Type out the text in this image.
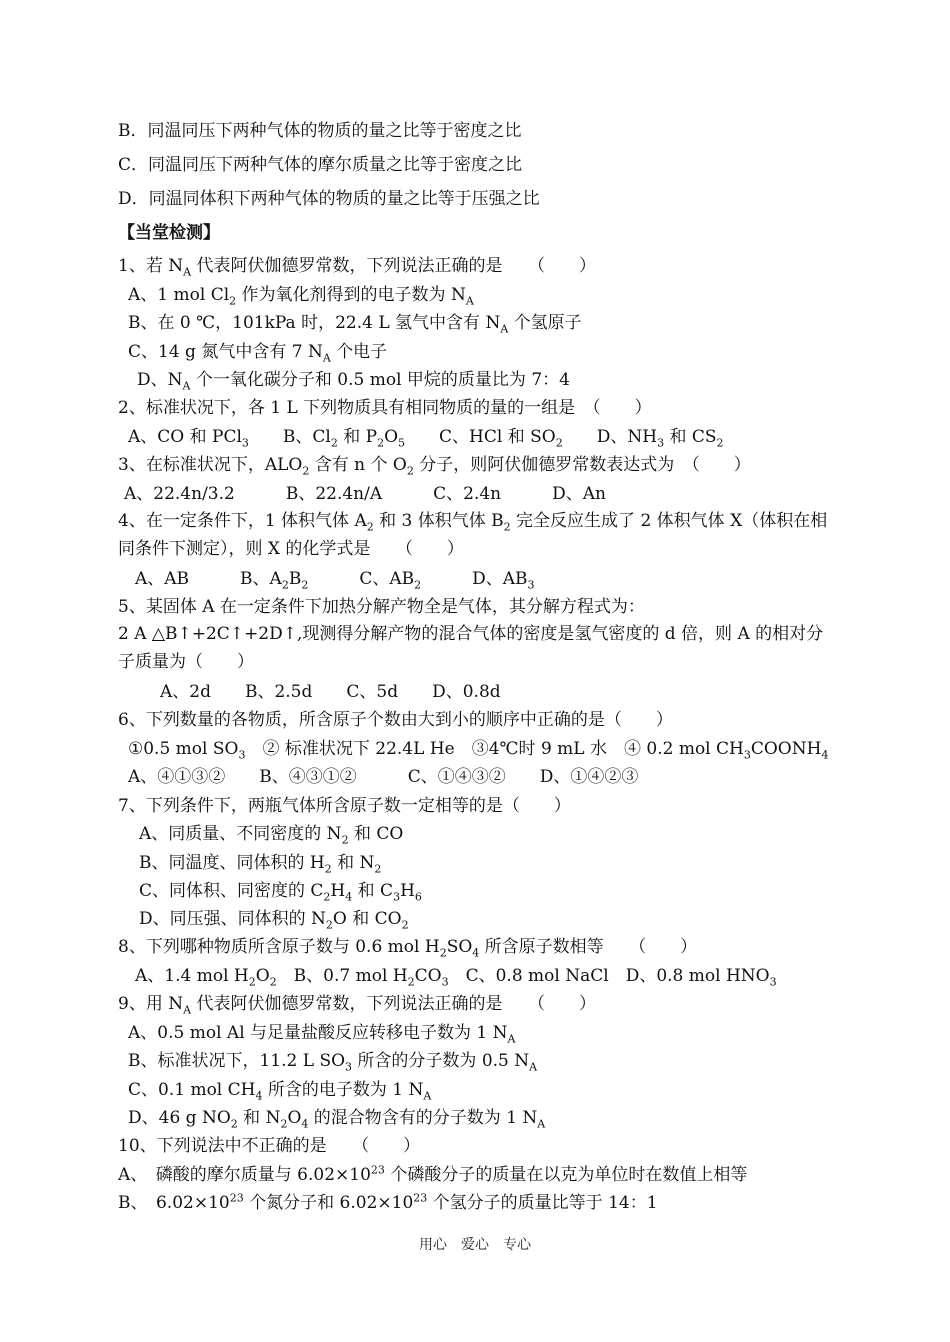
B．同温同压下两种气体的物质的量之比等于密度之比
C．同温同压下两种气体的摩尔质量之比等于密度之比
D．同温同体积下两种气体的物质的量之比等于压强之比
【当堂检测】
1、若 $N_A$ 代表阿伏伽德罗常数，下列说法正确的是　　（　　）
A、1 mol $Cl_2$ 作为氧化剂得到的电子数为 $N_A$
B、在 0 ℃，101kPa 时，22.4 L 氢气中含有 $N_A$ 个氢原子
C、14 g 氮气中含有 7 $N_A$ 个电子
　D、$N_A$ 个一氧化碳分子和 0.5 mol 甲烷的质量比为 7：4
2、标准状况下，各 1 L 下列物质具有相同物质的量的一组是　（　　）
A、CO 和 PCl$_3$　　B、$Cl_2$ 和 $P_2O_5$　　C、HCl 和 $SO_2$　　D、$NH_3$ 和 $CS_2$
3、在标准状况下，$ALO_2$ 含有 n 个 $O_2$ 分子，则阿伏伽德罗常数表达式为　（　　）
A、22.4n/3.2　　　B、22.4n/A　　　C、2.4n　　　D、An
4、在一定条件下，1 体积气体 $A_2$ 和 3 体积气体 $B_2$ 完全反应生成了 2 体积气体 X（体积在相同条件下测定），则 X 的化学式是　　（　　）
　A、AB　　　B、$A_2B_2$　　　C、$AB_2$　　　D、$AB_3$
5、某固体 A 在一定条件下加热分解产物全是气体，其分解方程式为：
2 A △B↑+2C↑+2D↑,现测得分解产物的混合气体的密度是氢气密度的 d 倍，则 A 的相对分子质量为（　　）
　　A、2d　　B、2.5d　　C、5d　　D、0.8d
6、下列数量的各物质，所含原子个数由大到小的顺序中正确的是（　　）
①0.5 mol $SO_3$　② 标准状况下 22.4L He　③4℃时 9 mL 水　④ 0.2 mol $CH_3COONH_4$
A、④①③②　　B、④③①②　　　C、①④③②　　D、①④②③
7、下列条件下，两瓶气体所含原子数一定相等的是（　　）
　A、同质量、不同密度的 $N_2$ 和 CO
　B、同温度、同体积的 $H_2$ 和 $N_2$
　C、同体积、同密度的 $C_2H_4$ 和 $C_3H_6$
　D、同压强、同体积的 $N_2O$ 和 $CO_2$
8、下列哪种物质所含原子数与 0.6 mol $H_2SO_4$ 所含原子数相等　　（　　）
　A、1.4 mol $H_2O_2$　B、0.7 mol $H_2CO_3$　C、0.8 mol NaCl　D、0.8 mol $HNO_3$
9、用 $N_A$ 代表阿伏伽德罗常数，下列说法正确的是　　（　　）
A、0.5 mol Al 与足量盐酸反应转移电子数为 1 $N_A$
B、标准状况下，11.2 L $SO_3$ 所含的分子数为 0.5 $N_A$
C、0.1 mol $CH_4$ 所含的电子数为 1 $N_A$
D、46 g $NO_2$ 和 $N_2O_4$ 的混合物含有的分子数为 1 $N_A$
10、下列说法中不正确的是　　（　　）
A、　磷酸的摩尔质量与 $6.02\times 10^{23}$ 个磷酸分子的质量在以克为单位时在数值上相等
B、　$6.02\times 10^{23}$ 个氮分子和 $6.02\times 10^{23}$ 个氢分子的质量比等于 14：1
用心　爱心　专心
